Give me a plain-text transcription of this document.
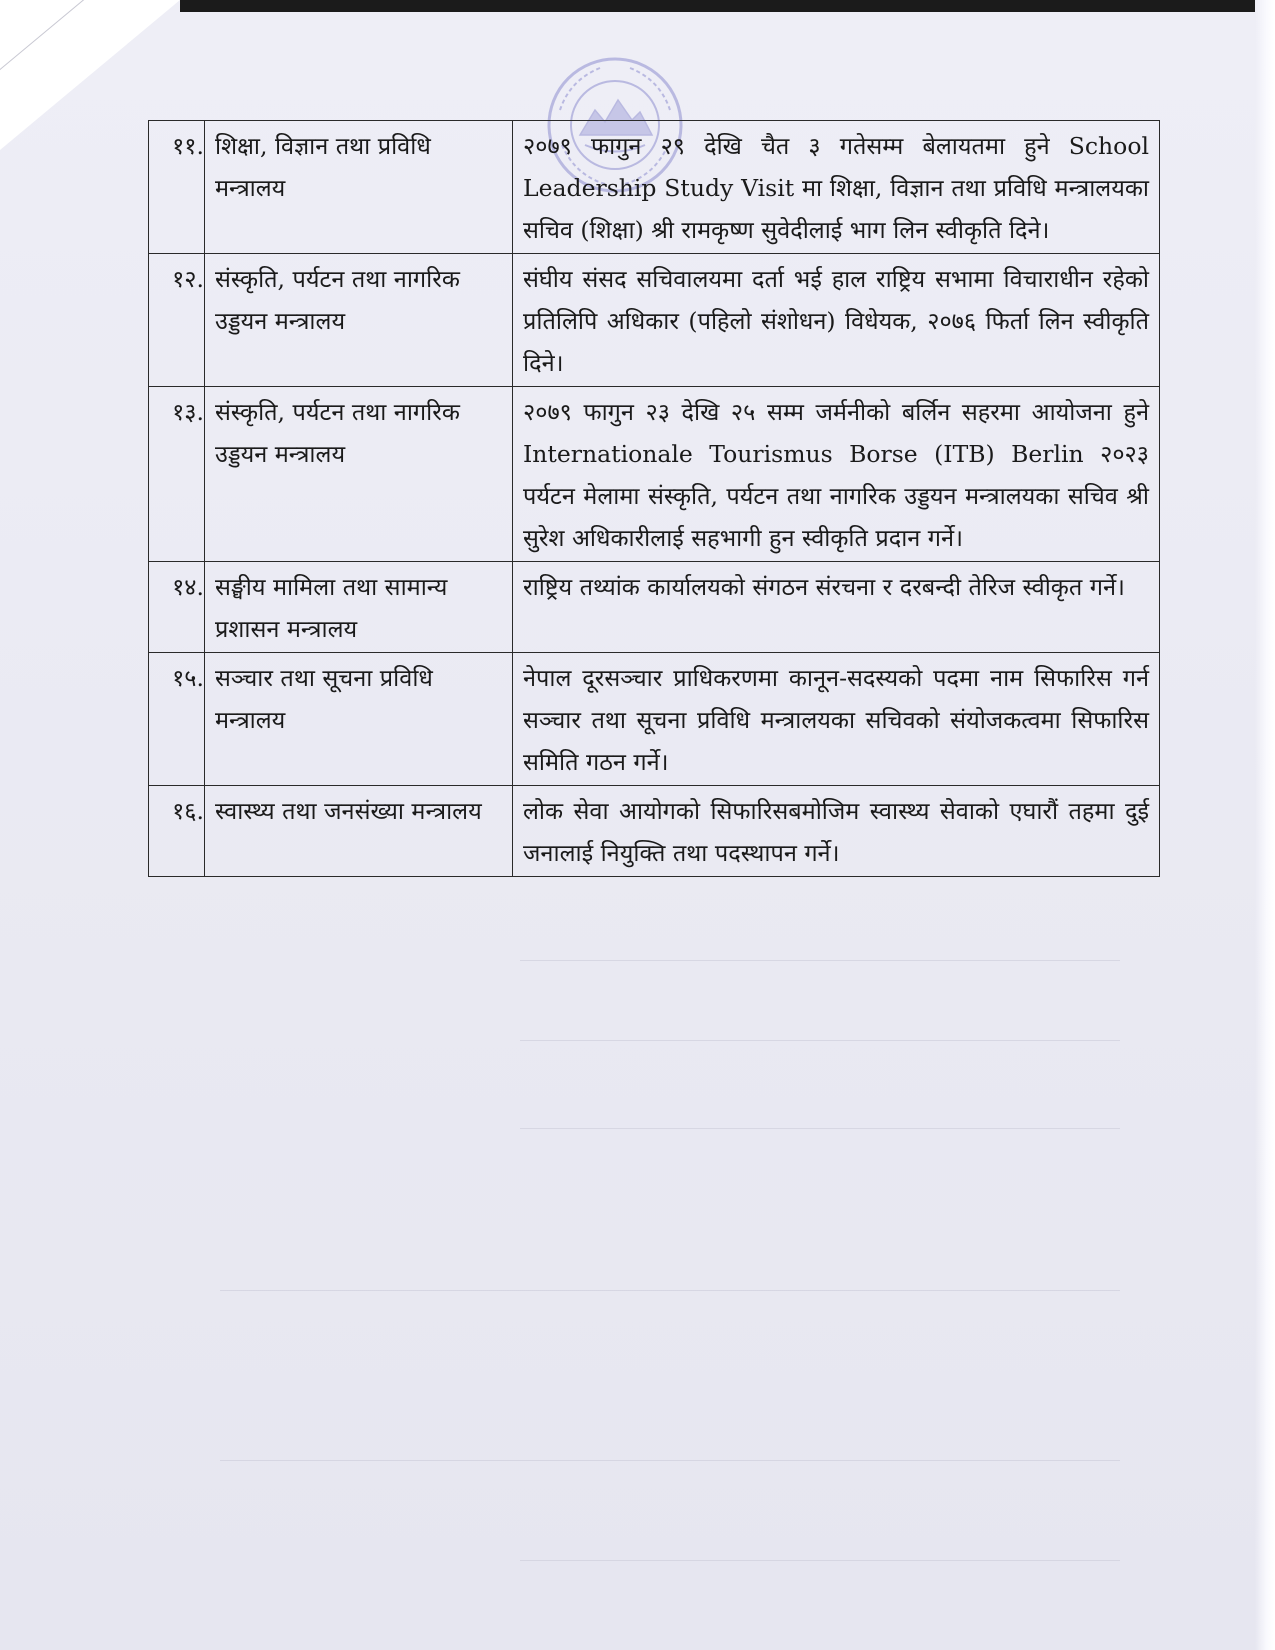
११.	शिक्षा, विज्ञान तथा प्रविधि मन्त्रालय	२०७९ फागुन २९ देखि चैत ३ गतेसम्म बेलायतमा हुने School Leadership Study Visit मा शिक्षा, विज्ञान तथा प्रविधि मन्त्रालयका सचिव (शिक्षा) श्री रामकृष्ण सुवेदीलाई भाग लिन स्वीकृति दिने।
१२.	संस्कृति, पर्यटन तथा नागरिक उड्डयन मन्त्रालय	संघीय संसद सचिवालयमा दर्ता भई हाल राष्ट्रिय सभामा विचाराधीन रहेको प्रतिलिपि अधिकार (पहिलो संशोधन) विधेयक, २०७६ फिर्ता लिन स्वीकृति दिने।
१३.	संस्कृति, पर्यटन तथा नागरिक उड्डयन मन्त्रालय	२०७९ फागुन २३ देखि २५ सम्म जर्मनीको बर्लिन सहरमा आयोजना हुने Internationale Tourismus Borse (ITB) Berlin २०२३ पर्यटन मेलामा संस्कृति, पर्यटन तथा नागरिक उड्डयन मन्त्रालयका सचिव श्री सुरेश अधिकारीलाई सहभागी हुन स्वीकृति प्रदान गर्ने।
१४.	सङ्घीय मामिला तथा सामान्य प्रशासन मन्त्रालय	राष्ट्रिय तथ्यांक कार्यालयको संगठन संरचना र दरबन्दी तेरिज स्वीकृत गर्ने।
१५.	सञ्चार तथा सूचना प्रविधि मन्त्रालय	नेपाल दूरसञ्चार प्राधिकरणमा कानून-सदस्यको पदमा नाम सिफारिस गर्न सञ्चार तथा सूचना प्रविधि मन्त्रालयका सचिवको संयोजकत्वमा सिफारिस समिति गठन गर्ने।
१६.	स्वास्थ्य तथा जनसंख्या मन्त्रालय	लोक सेवा आयोगको सिफारिसबमोजिम स्वास्थ्य सेवाको एघारौं तहमा दुई जनालाई नियुक्ति तथा पदस्थापन गर्ने।
